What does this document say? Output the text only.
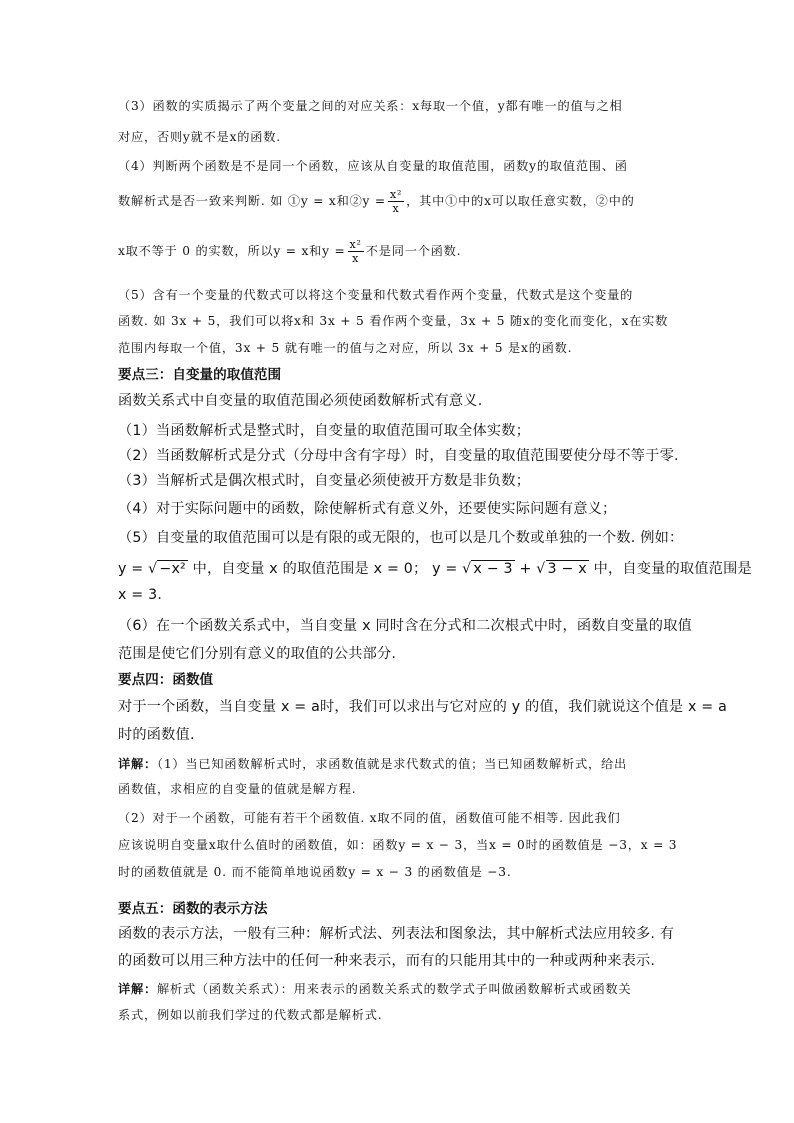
（3）函数的实质揭示了两个变量之间的对应关系：x每取一个值，y都有唯一的值与之相
对应，否则y就不是x的函数.
（4）判断两个函数是不是同一个函数，应该从自变量的取值范围，函数y的取值范围、函
数解析式是否一致来判断. 如 ①y = x和②y = $\frac{\text{x²}}{x}$ ，其中①中的x可以取任意实数，②中的
x取不等于 0 的实数，所以y = x和$y = \frac{\text{x²}}{x}$ 不是同一个函数.
（5）含有一个变量的代数式可以将这个变量和代数式看作两个变量，代数式是这个变量的
函数. 如 3x + 5，我们可以将x和 3x + 5 看作两个变量，3x + 5 随x的变化而变化，x在实数
范围内每取一个值，3x + 5 就有唯一的值与之对应，所以 3x + 5 是x的函数.
要点三：自变量的取值范围
函数关系式中自变量的取值范围必须使函数解析式有意义.
（1）当函数解析式是整式时，自变量的取值范围可取全体实数；
（2）当函数解析式是分式（分母中含有字母）时，自变量的取值范围要使分母不等于零.
（3）当解析式是偶次根式时，自变量必须使被开方数是非负数；
（4）对于实际问题中的函数，除使解析式有意义外，还要使实际问题有意义；
（5）自变量的取值范围可以是有限的或无限的，也可以是几个数或单独的一个数. 例如：
y = √ −x² 中，自变量 x 的取值范围是 x = 0； y = √ x − 3 + √ 3 − x 中，自变量的取值范围是
x = 3.
（6）在一个函数关系式中，当自变量 x 同时含在分式和二次根式中时，函数自变量的取值
范围是使它们分别有意义的取值的公共部分.
要点四：函数值
对于一个函数，当自变量 x = a时，我们可以求出与它对应的 y 的值，我们就说这个值是 x = a
时的函数值.
详解：（1）当已知函数解析式时，求函数值就是求代数式的值；当已知函数解析式，给出
函数值，求相应的自变量的值就是解方程.
（2）对于一个函数，可能有若干个函数值. x取不同的值，函数值可能不相等. 因此我们
应该说明自变量x取什么值时的函数值，如：函数y = x − 3，当x = 0时的函数值是 −3，x = 3
时的函数值就是 0. 而不能简单地说函数y = x − 3 的函数值是 −3.
要点五：函数的表示方法
函数的表示方法，一般有三种：解析式法、列表法和图象法，其中解析式法应用较多. 有
的函数可以用三种方法中的任何一种来表示，而有的只能用其中的一种或两种来表示.
详解：解析式（函数关系式）：用来表示的函数关系式的数学式子叫做函数解析式或函数关
系式，例如以前我们学过的代数式都是解析式.
